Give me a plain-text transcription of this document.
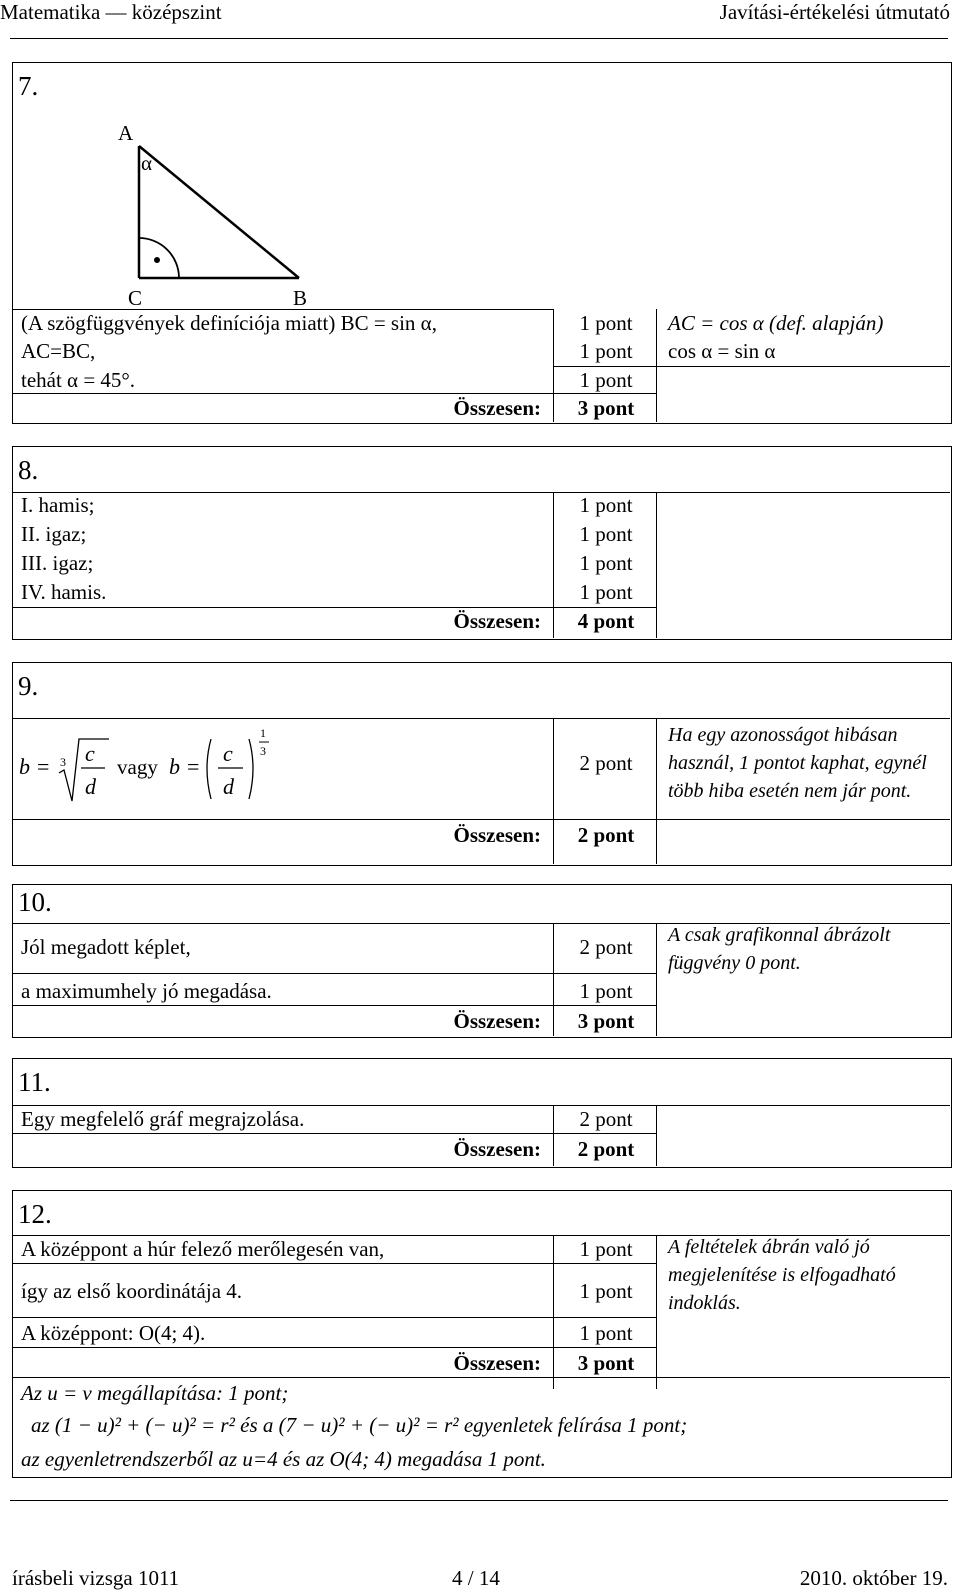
Matematika — középszint	Javítási-értékelési útmutató
7.
A
α
C	B
(A szögfüggvények definíciója miatt) BC = sin α,	1 pont	AC = cos α (def. alapján)
AC=BC,	1 pont	cos α = sin α
tehát α = 45°.	1 pont
Összesen:	3 pont
8.
I. hamis;	1 pont
II. igaz;	1 pont
III. igaz;	1 pont
IV. hamis.	1 pont
Összesen:	4 pont
9.
b = 3 c
d
vagy b =
c
d
1
3	2 pont
Ha egy azonosságot hibásan használ, 1 pontot kaphat, egynél több hiba esetén nem jár pont.
Összesen:	2 pont
10.
Jól megadott képlet,	2 pont	A csak grafikonnal ábrázolt függvény 0 pont.
a maximumhely jó megadása.	1 pont
Összesen:	3 pont
11.
Egy megfelelő gráf megrajzolása.	2 pont
Összesen:	2 pont
12.
A középpont a húr felező merőlegesén van,	1 pont	A feltételek ábrán való jó megjelenítése is elfogadható indoklás.
így az első koordinátája 4.	1 pont
A középpont: O(4; 4).	1 pont
Összesen:	3 pont
Az u = v megállapítása: 1 pont;
az (1 − u)² + (− u)² = r² és a (7 − u)² + (− u)² = r² egyenletek felírása 1 pont;
az egyenletrendszerből az u=4 és az O(4; 4) megadása 1 pont.
írásbeli vizsga 1011	4 / 14	2010. október 19.
